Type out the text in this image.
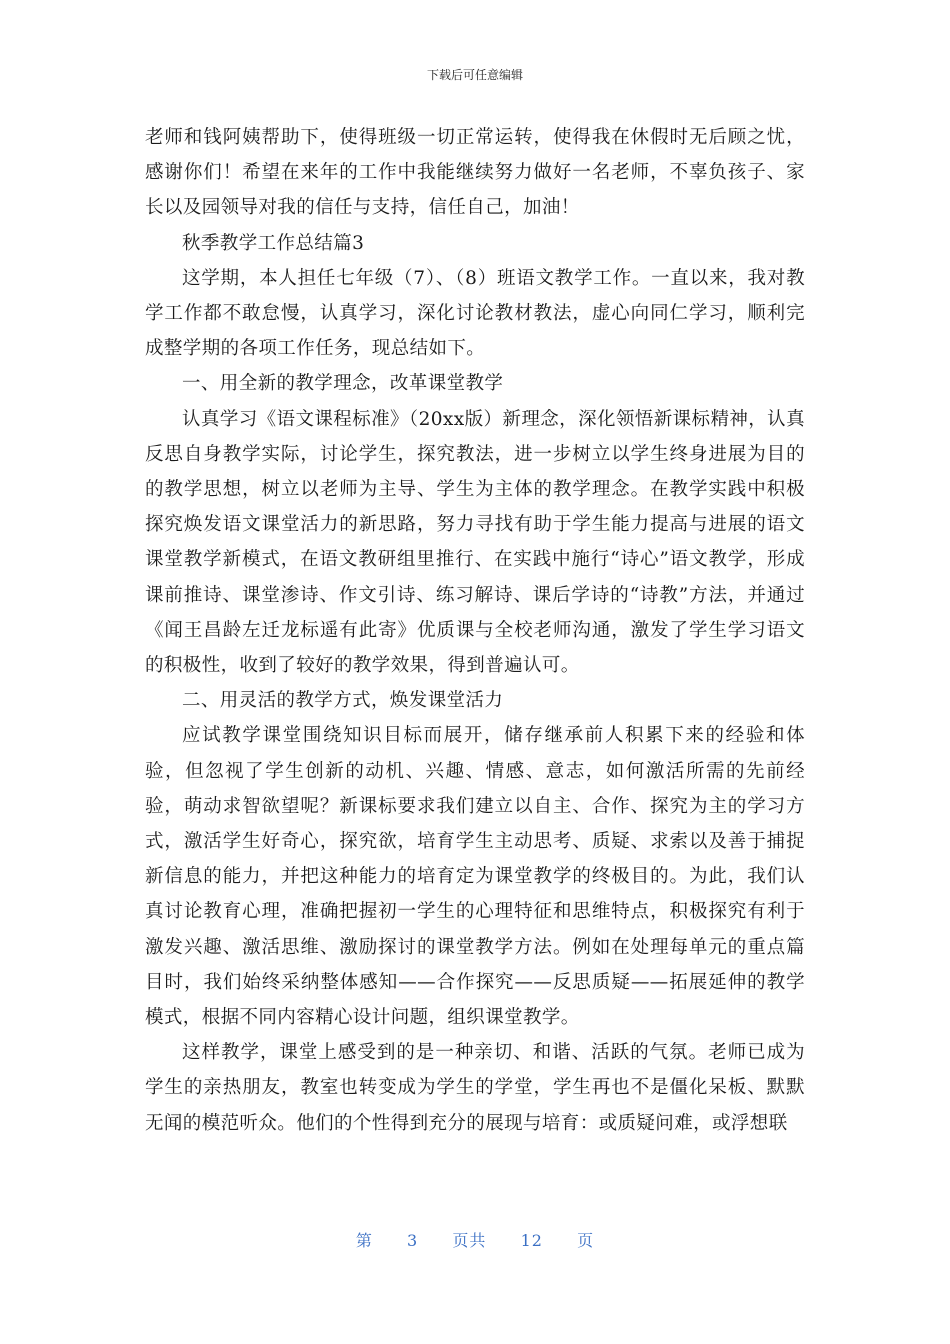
下载后可任意编辑

老师和钱阿姨帮助下，使得班级一切正常运转，使得我在休假时无后顾之忧，感谢你们！希望在来年的工作中我能继续努力做好一名老师，不辜负孩子、家长以及园领导对我的信任与支持，信任自己，加油！

秋季教学工作总结篇3

这学期，本人担任七年级（7）、（8）班语文教学工作。一直以来，我对教学工作都不敢怠慢，认真学习，深化讨论教材教法，虚心向同仁学习，顺利完成整学期的各项工作任务，现总结如下。

一、用全新的教学理念，改革课堂教学

认真学习《语文课程标准》（20xx版）新理念，深化领悟新课标精神，认真反思自身教学实际，讨论学生，探究教法，进一步树立以学生终身进展为目的的教学思想，树立以老师为主导、学生为主体的教学理念。在教学实践中积极探究焕发语文课堂活力的新思路，努力寻找有助于学生能力提高与进展的语文课堂教学新模式，在语文教研组里推行、在实践中施行“诗心”语文教学，形成课前推诗、课堂渗诗、作文引诗、练习解诗、课后学诗的“诗教”方法，并通过《闻王昌龄左迁龙标遥有此寄》优质课与全校老师沟通，激发了学生学习语文的积极性，收到了较好的教学效果，得到普遍认可。

二、用灵活的教学方式，焕发课堂活力

应试教学课堂围绕知识目标而展开，储存继承前人积累下来的经验和体验，但忽视了学生创新的动机、兴趣、情感、意志，如何激活所需的先前经验，萌动求智欲望呢？新课标要求我们建立以自主、合作、探究为主的学习方式，激活学生好奇心，探究欲，培育学生主动思考、质疑、求索以及善于捕捉新信息的能力，并把这种能力的培育定为课堂教学的终极目的。为此，我们认真讨论教育心理，准确把握初一学生的心理特征和思维特点，积极探究有利于激发兴趣、激活思维、激励探讨的课堂教学方法。例如在处理每单元的重点篇目时，我们始终采纳整体感知——合作探究——反思质疑——拓展延伸的教学模式，根据不同内容精心设计问题，组织课堂教学。

这样教学，课堂上感受到的是一种亲切、和谐、活跃的气氛。老师已成为学生的亲热朋友，教室也转变成为学生的学堂，学生再也不是僵化呆板、默默无闻的模范听众。他们的个性得到充分的展现与培育：或质疑问难，或浮想联

第 3 页共 12 页
